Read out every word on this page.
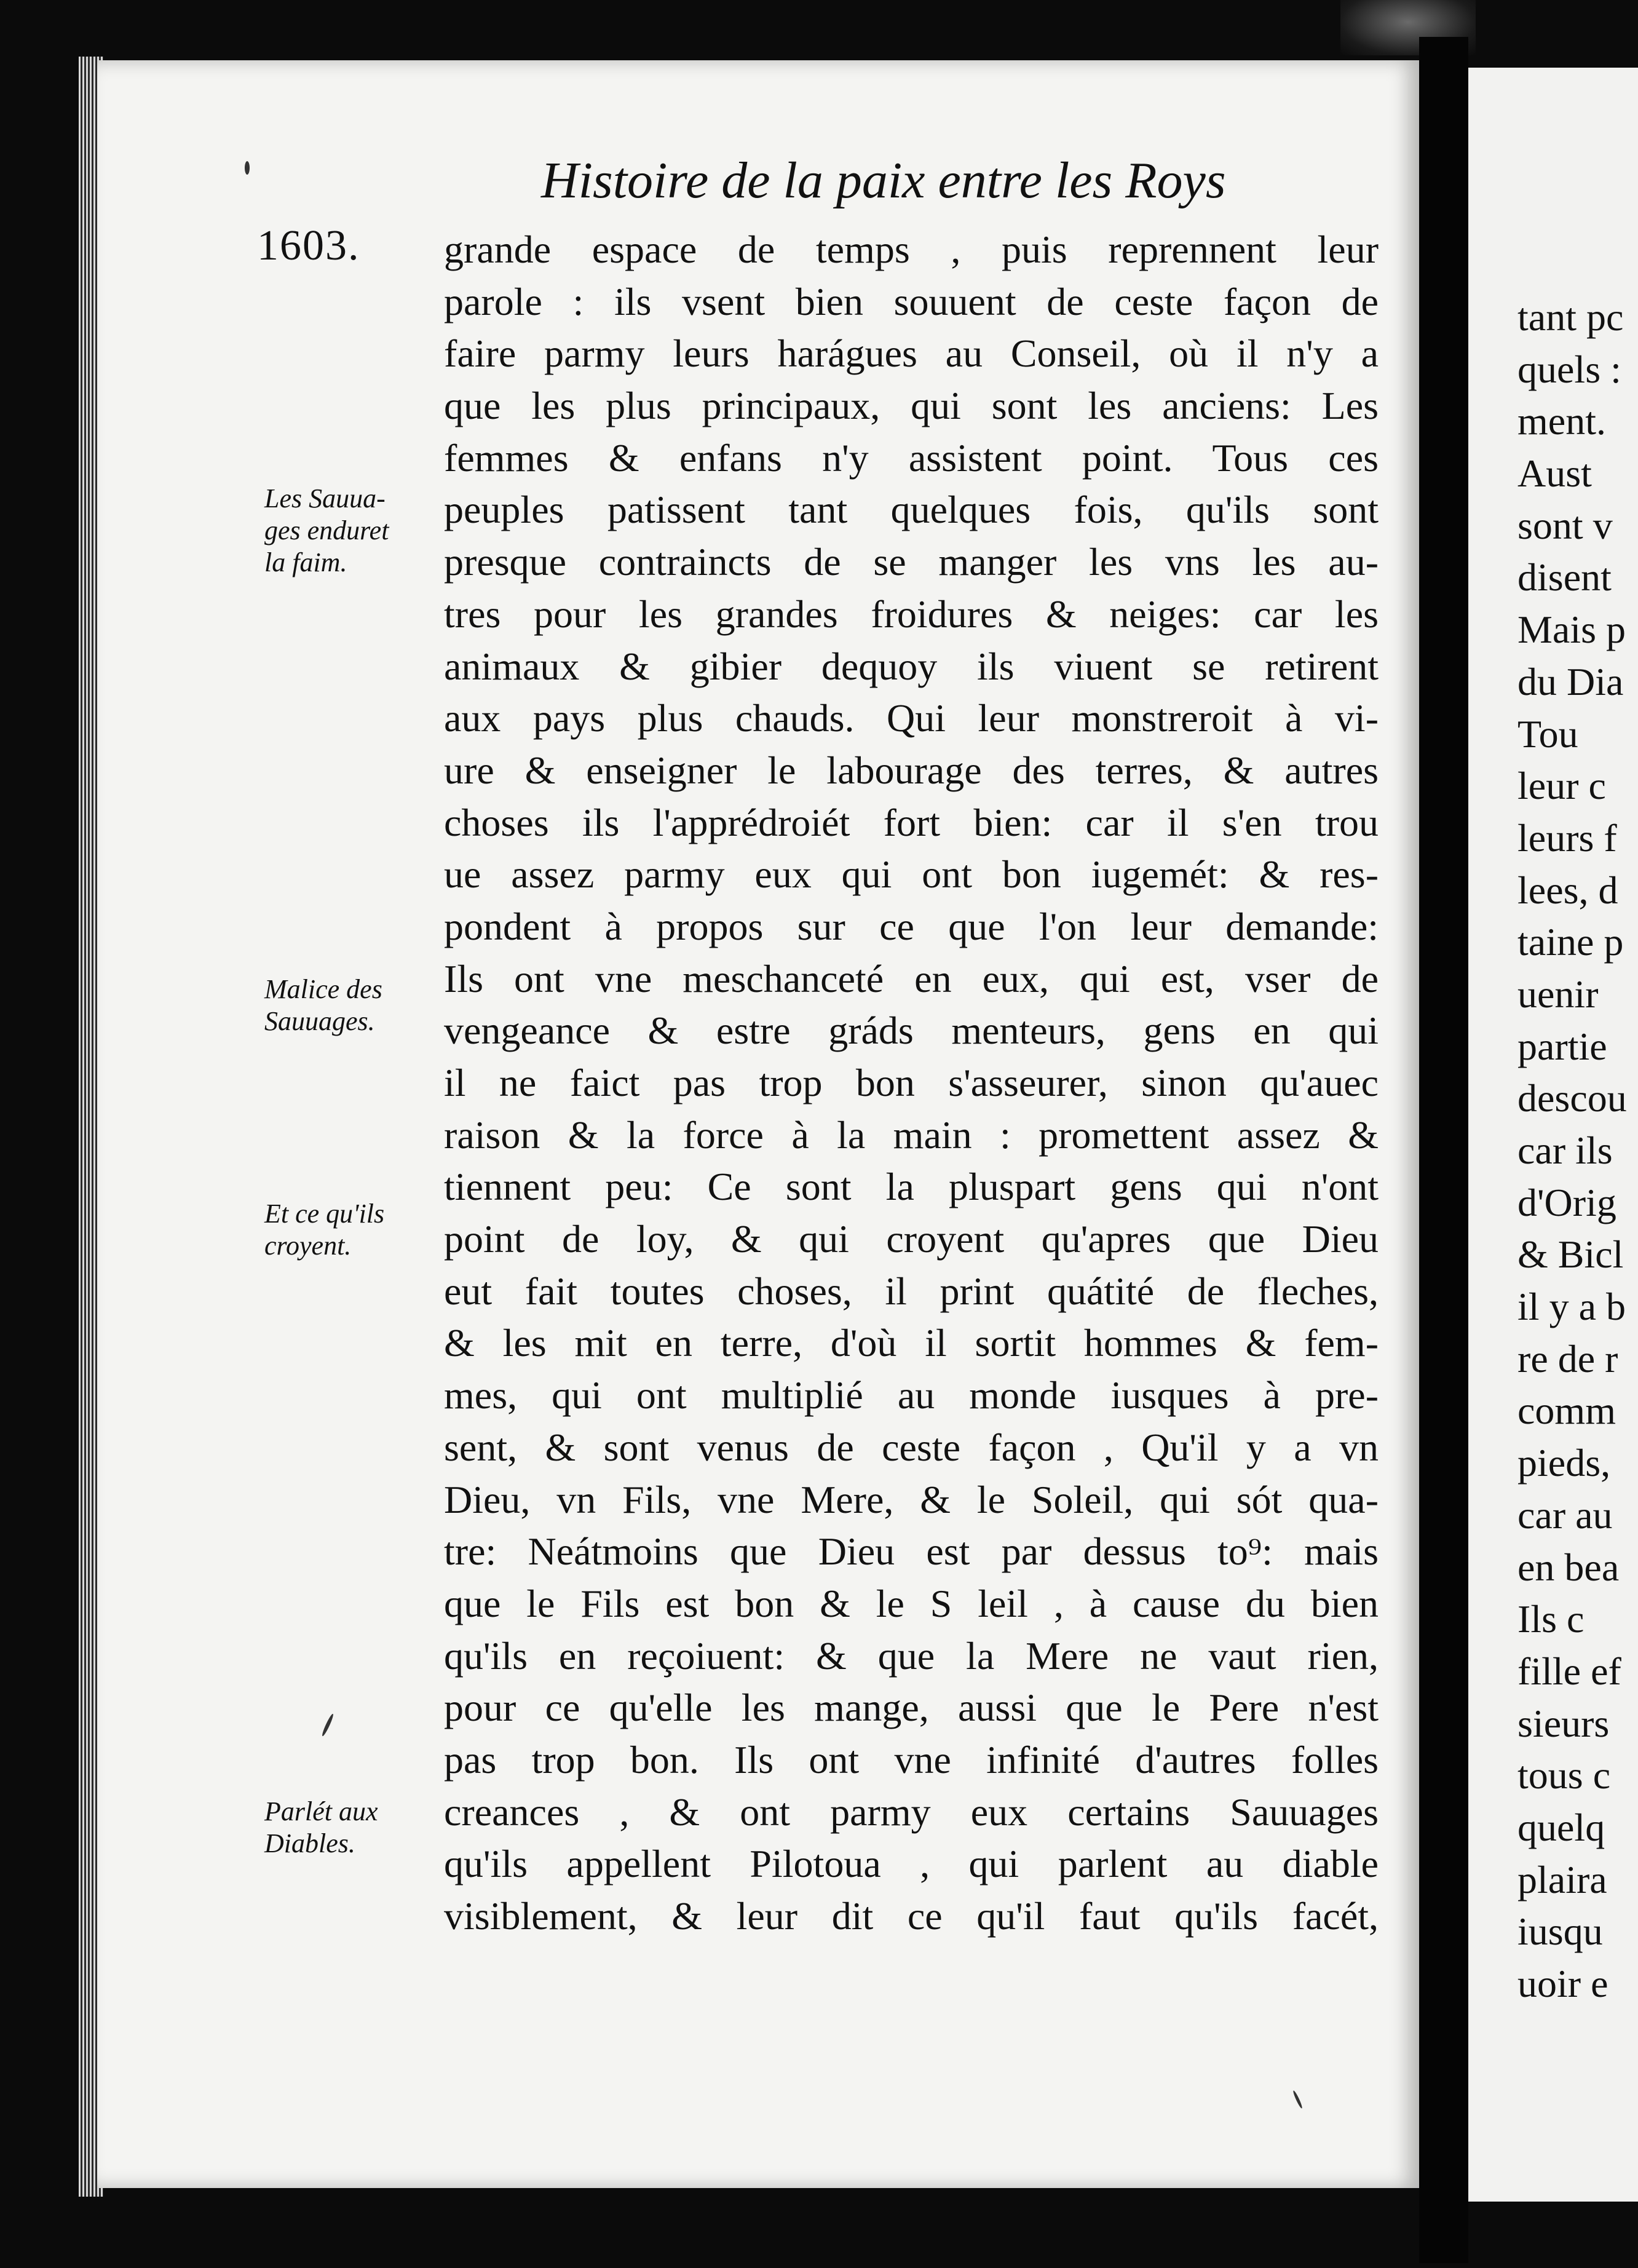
tant pc
quels :
ment.
Aust
sont v
disent
Mais p
du Dia
Tou
leur c
leurs f
lees, d
taine p
uenir
partie
descou
car ils
d'Orig
& Bicl
il y a b
re de r
comm
pieds,
car au
en bea
Ils c
fille ef
sieurs
tous c
quelq
plaira
iusqu
uoir e
Histoire de la paix entre les Roys
1603.
Les Sauua-
ges enduret
la faim.
Malice des
Sauuages.
Et ce qu'ils
croyent.
Parlét aux
Diables.
grande espace de temps , puis reprennent leur
parole : ils vsent bien souuent de ceste façon de
faire parmy leurs harágues au Conseil, où il n'y a
que les plus principaux, qui sont les anciens: Les
femmes & enfans n'y assistent point. Tous ces
peuples patissent tant quelques fois, qu'ils sont
presque contraincts de se manger les vns les au-
tres pour les grandes froidures & neiges: car les
animaux & gibier dequoy ils viuent se retirent
aux pays plus chauds. Qui leur monstreroit à vi-
ure & enseigner le labourage des terres, & autres
choses ils l'apprédroiét fort bien: car il s'en trou
ue assez parmy eux qui ont bon iugemét: & res-
pondent à propos sur ce que l'on leur demande:
Ils ont vne meschanceté en eux, qui est, vser de
vengeance & estre gráds menteurs, gens en qui
il ne faict pas trop bon s'asseurer, sinon qu'auec
raison & la force à la main : promettent assez &
tiennent peu: Ce sont la pluspart gens qui n'ont
point de loy, & qui croyent qu'apres que Dieu
eut fait toutes choses, il print quátité de fleches,
& les mit en terre, d'où il sortit hommes & fem-
mes, qui ont multiplié au monde iusques à pre-
sent, & sont venus de ceste façon , Qu'il y a vn
Dieu, vn Fils, vne Mere, & le Soleil, qui sót qua-
tre: Neátmoins que Dieu est par dessus to⁹: mais
que le Fils est bon & le S leil , à cause du bien
qu'ils en reçoiuent: & que la Mere ne vaut rien,
pour ce qu'elle les mange, aussi que le Pere n'est
pas trop bon. Ils ont vne infinité d'autres folles
creances , & ont parmy eux certains Sauuages
qu'ils appellent Pilotoua , qui parlent au diable
visiblement, & leur dit ce qu'il faut qu'ils facét,
